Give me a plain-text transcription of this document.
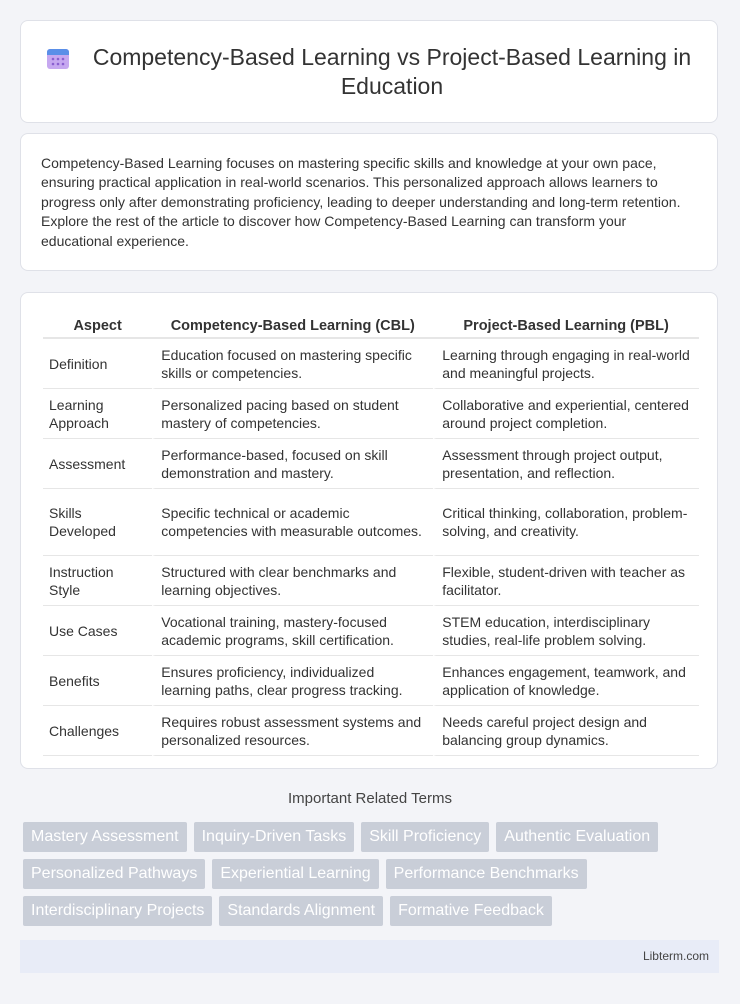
Competency-Based Learning vs Project-Based Learning in Education

Competency-Based Learning focuses on mastering specific skills and knowledge at your own pace, ensuring practical application in real-world scenarios. This personalized approach allows learners to progress only after demonstrating proficiency, leading to deeper understanding and long-term retention. Explore the rest of the article to discover how Competency-Based Learning can transform your educational experience.

Aspect	Competency-Based Learning (CBL)	Project-Based Learning (PBL)
Definition	Education focused on mastering specific skills or competencies.	Learning through engaging in real-world and meaningful projects.
Learning Approach	Personalized pacing based on student mastery of competencies.	Collaborative and experiential, centered around project completion.
Assessment	Performance-based, focused on skill demonstration and mastery.	Assessment through project output, presentation, and reflection.
Skills Developed	Specific technical or academic competencies with measurable outcomes.	Critical thinking, collaboration, problem-solving, and creativity.
Instruction Style	Structured with clear benchmarks and learning objectives.	Flexible, student-driven with teacher as facilitator.
Use Cases	Vocational training, mastery-focused academic programs, skill certification.	STEM education, interdisciplinary studies, real-life problem solving.
Benefits	Ensures proficiency, individualized learning paths, clear progress tracking.	Enhances engagement, teamwork, and application of knowledge.
Challenges	Requires robust assessment systems and personalized resources.	Needs careful project design and balancing group dynamics.
Important Related Terms
Mastery Assessment	Inquiry-Driven Tasks	Skill Proficiency	Authentic Evaluation
Personalized Pathways	Experiential Learning	Performance Benchmarks
Interdisciplinary Projects	Standards Alignment	Formative Feedback
Libterm.com
